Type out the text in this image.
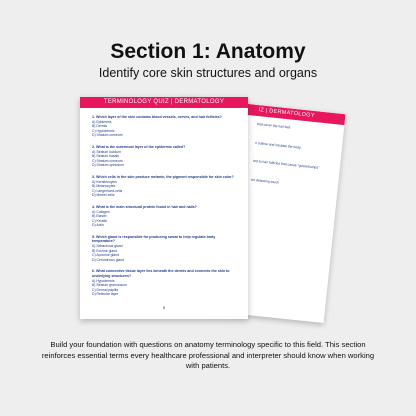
Section 1: Anatomy
Identify core skin structures and organs
IZ | DERMATOLOGY
that cover the nail bed
n outline and insulate the body
ted to hair follicles that cause "goosebumps"
for detecting touch
TERMINOLOGY QUIZ | DERMATOLOGY
1. Which layer of the skin contains blood vessels, nerves, and hair follicles?
A) Epidermis
B) Dermis
C) Hypodermis
D) Stratum corneum
2. What is the outermost layer of the epidermis called?
A) Stratum lucidum
B) Stratum basale
C) Stratum corneum
D) Stratum spinosum
3. Which cells in the skin produce melanin, the pigment responsible for skin color?
A) Keratinocytes
B) Melanocytes
C) Langerhans cells
D) Merkel cells
4. What is the main structural protein found in hair and nails?
A) Collagen
B) Elastin
C) Keratin
D) Actin
5. Which gland is responsible for producing sweat to help regulate body temperature?
A) Sebaceous gland
B) Eccrine gland
C) Apocrine gland
D) Ceruminous gland
6. What connective tissue layer lies beneath the dermis and connects the skin to underlying structures?
A) Hypodermis
B) Stratum granulosum
C) Dermal papilla
D) Reticular layer
5
Build your foundation with questions on anatomy terminology specific to this field. This section reinforces essential terms every healthcare professional and interpreter should know when working with patients.
